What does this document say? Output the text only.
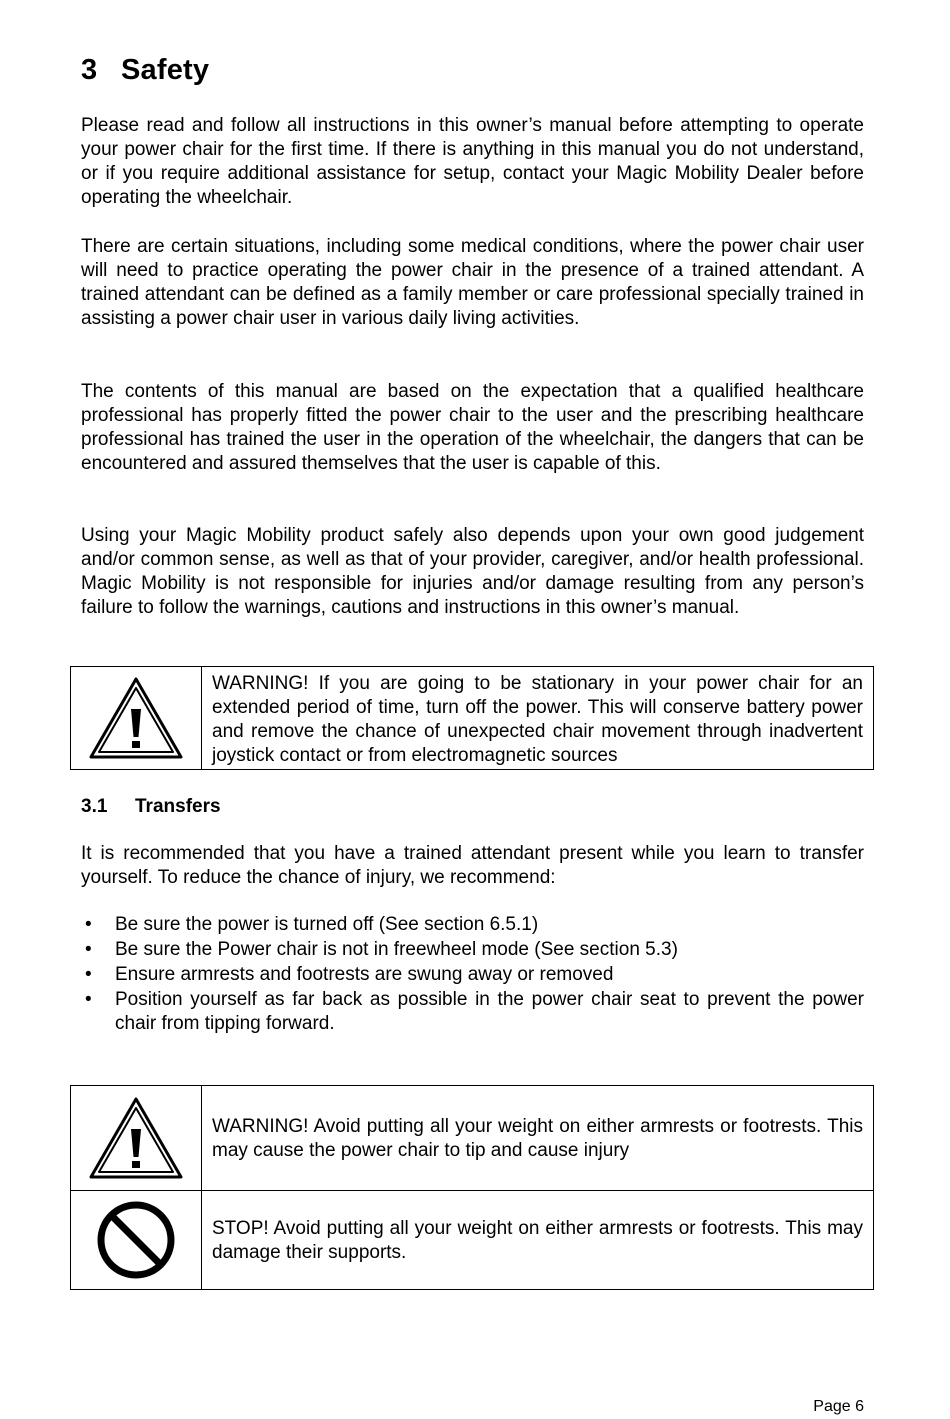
3 Safety

Please read and follow all instructions in this owner’s manual before attempting to operate your power chair for the first time. If there is anything in this manual you do not understand, or if you require additional assistance for setup, contact your Magic Mobility Dealer before operating the wheelchair.

There are certain situations, including some medical conditions, where the power chair user will need to practice operating the power chair in the presence of a trained attendant. A trained attendant can be defined as a family member or care professional specially trained in assisting a power chair user in various daily living activities.

The contents of this manual are based on the expectation that a qualified healthcare professional has properly fitted the power chair to the user and the prescribing healthcare professional has trained the user in the operation of the wheelchair, the dangers that can be encountered and assured themselves that the user is capable of this.

Using your Magic Mobility product safely also depends upon your own good judgement and/or common sense, as well as that of your provider, caregiver, and/or health professional. Magic Mobility is not responsible for injuries and/or damage resulting from any person’s failure to follow the warnings, cautions and instructions in this owner’s manual.

WARNING! If you are going to be stationary in your power chair for an extended period of time, turn off the power. This will conserve battery power and remove the chance of unexpected chair movement through inadvertent joystick contact or from electromagnetic sources
3.1 Transfers

It is recommended that you have a trained attendant present while you learn to transfer yourself. To reduce the chance of injury, we recommend:

• Be sure the power is turned off (See section 6.5.1)
• Be sure the Power chair is not in freewheel mode (See section 5.3)
• Ensure armrests and footrests are swung away or removed
• Position yourself as far back as possible in the power chair seat to prevent the power chair from tipping forward.
WARNING! Avoid putting all your weight on either armrests or footrests. This may cause the power chair to tip and cause injury
STOP! Avoid putting all your weight on either armrests or footrests. This may damage their supports.
Page 6
